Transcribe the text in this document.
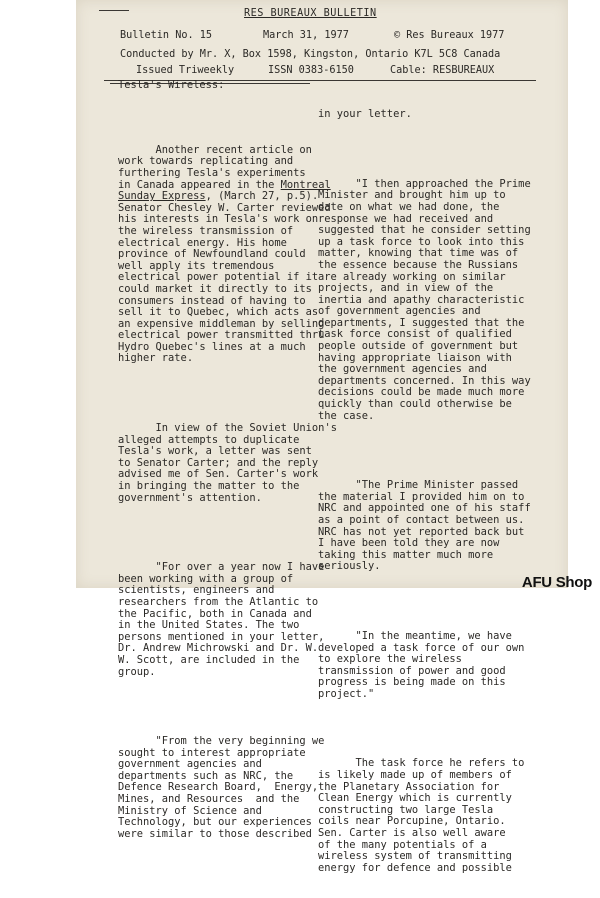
RES BUREAUX BULLETIN
Bulletin No. 15	March 31, 1977	© Res Bureaux 1977
Conducted by Mr. X, Box 1598, Kingston, Ontario K7L 5C8 Canada
Issued Triweekly	ISSN 0383-6150	Cable: RESBUREAUX
Tesla's Wireless:

Another recent article on
work towards replicating and
furthering Tesla's experiments
in Canada appeared in the Montreal
Sunday Express, (March 27, p.5).
Senator Chesley W. Carter reviewed
his interests in Tesla's work on
the wireless transmission of
electrical energy. His home
province of Newfoundland could
well apply its tremendous
electrical power potential if it
could market it directly to its
consumers instead of having to
sell it to Quebec, which acts as
an expensive middleman by selling
electrical power transmitted thru
Hydro Quebec's lines at a much
higher rate.

In view of the Soviet Union's
alleged attempts to duplicate
Tesla's work, a letter was sent
to Senator Carter; and the reply
advised me of Sen. Carter's work
in bringing the matter to the
government's attention.

"For over a year now I have
been working with a group of
scientists, engineers and
researchers from the Atlantic to
the Pacific, both in Canada and
in the United States. The two
persons mentioned in your letter,
Dr. Andrew Michrowski and Dr. W.
W. Scott, are included in the
group.

"From the very beginning we
sought to interest appropriate
government agencies and
departments such as NRC, the
Defence Research Board,  Energy,
Mines, and Resources  and the
Ministry of Science and
Technology, but our experiences
were similar to those described

in your letter.

"I then approached the Prime
Minister and brought him up to
date on what we had done, the
response we had received and
suggested that he consider setting
up a task force to look into this
matter, knowing that time was of
the essence because the Russians
are already working on similar
projects, and in view of the
inertia and apathy characteristic
of government agencies and
departments, I suggested that the
task force consist of qualified
people outside of government but
having appropriate liaison with
the government agencies and
departments concerned. In this way
decisions could be made much more
quickly than could otherwise be
the case.

"The Prime Minister passed
the material I provided him on to
NRC and appointed one of his staff
as a point of contact between us.
NRC has not yet reported back but
I have been told they are now
taking this matter much more
seriously.

"In the meantime, we have
developed a task force of our own
to explore the wireless
transmission of power and good
progress is being made on this
project."

The task force he refers to
is likely made up of members of
the Planetary Association for
Clean Energy which is currently
constructing two large Tesla
coils near Porcupine, Ontario.
Sen. Carter is also well aware
of the many potentials of a
wireless system of transmitting
energy for defence and possible

AFU Shop
